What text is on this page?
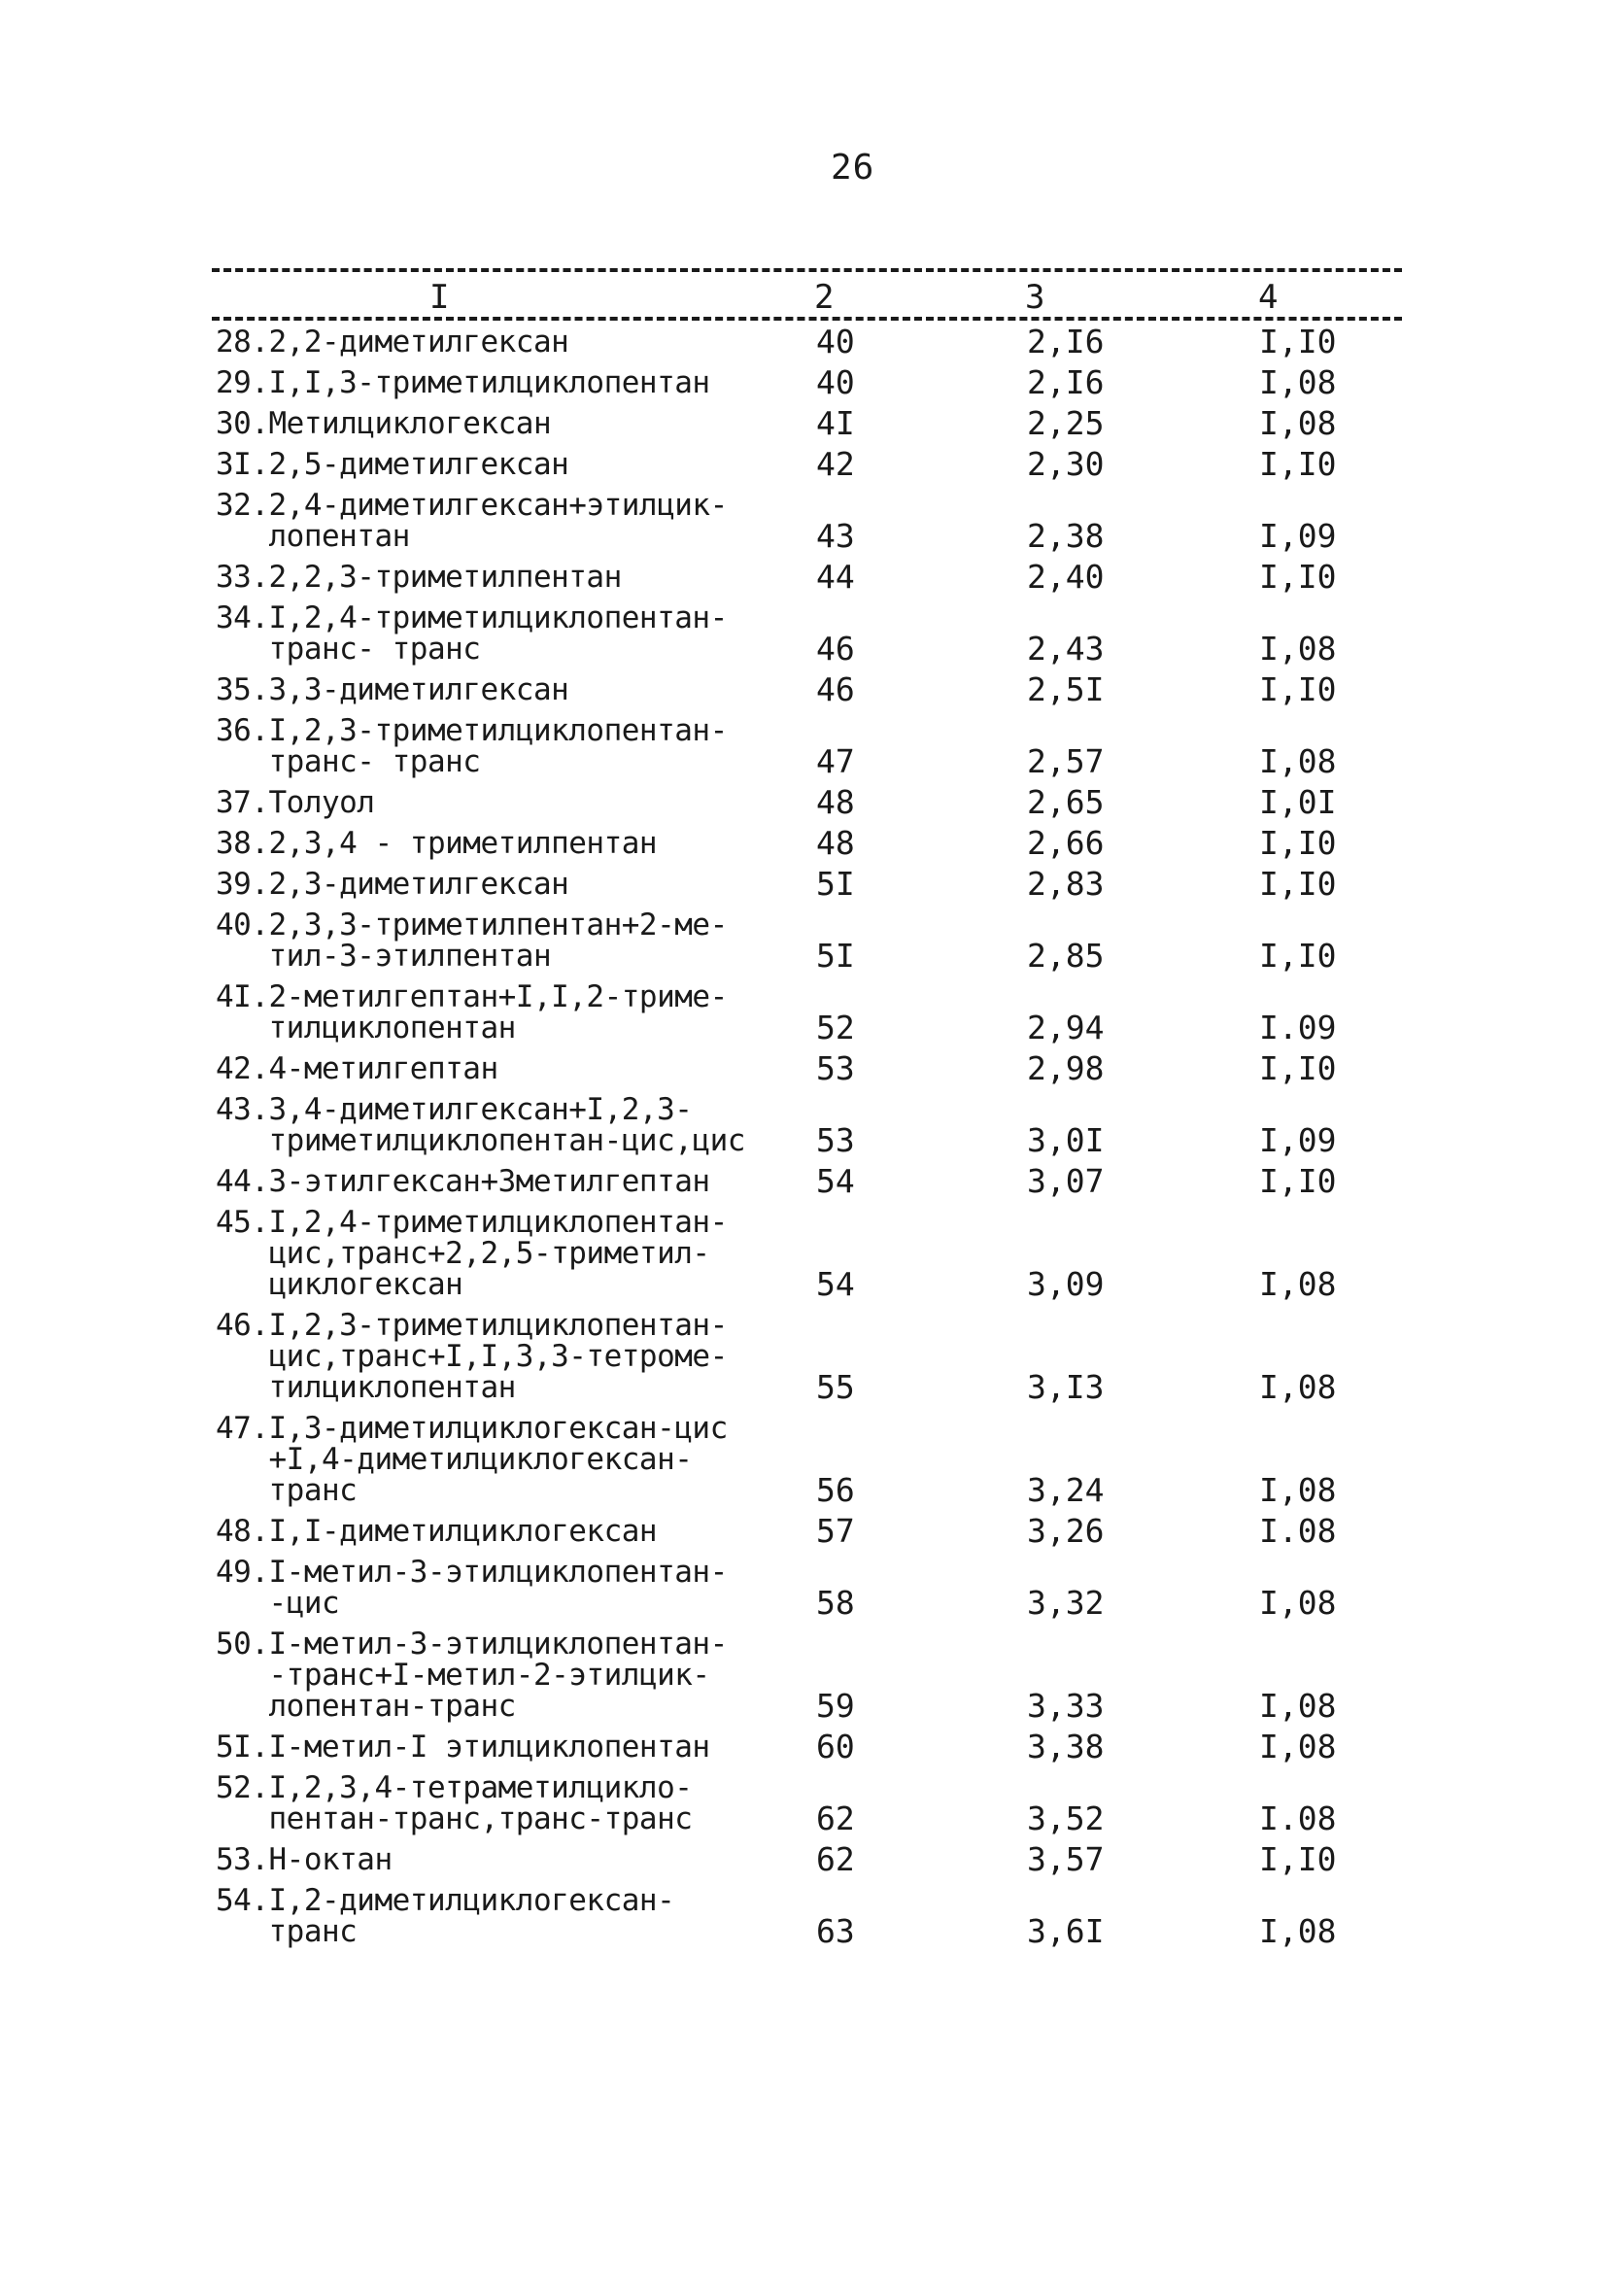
26
I	2	3	4
28.2,2-диметилгексан	40	2,I6	I,I0
29.I,I,3-триметилциклопентан	40	2,I6	I,08
30.Метилциклогексан	4I	2,25	I,08
3I.2,5-диметилгексан	42	2,30	I,I0
32.2,4-диметилгексан+этилцик-
лопентан	43	2,38	I,09
33.2,2,3-триметилпентан	44	2,40	I,I0
34.I,2,4-триметилциклопентан-
транс- транс	46	2,43	I,08
35.3,3-диметилгексан	46	2,5I	I,I0
36.I,2,3-триметилциклопентан-
транс- транс	47	2,57	I,08
37.Толуол	48	2,65	I,0I
38.2,3,4 - триметилпентан	48	2,66	I,I0
39.2,3-диметилгексан	5I	2,83	I,I0
40.2,3,3-триметилпентан+2-ме-
тил-3-этилпентан	5I	2,85	I,I0
4I.2-метилгептан+I,I,2-триме-
тилциклопентан	52	2,94	I.09
42.4-метилгептан	53	2,98	I,I0
43.3,4-диметилгексан+I,2,3-
триметилциклопентан-цис,цис	53	3,0I	I,09
44.3-этилгексан+3метилгептан	54	3,07	I,I0
45.I,2,4-триметилциклопентан-
цис,транс+2,2,5-триметил-
циклогексан	54	3,09	I,08
46.I,2,3-триметилциклопентан-
цис,транс+I,I,3,3-тетроме-
тилциклопентан	55	3,I3	I,08
47.I,3-диметилциклогексан-цис
+I,4-диметилциклогексан-
транс	56	3,24	I,08
48.I,I-диметилциклогексан	57	3,26	I.08
49.I-метил-3-этилциклопентан-
-цис	58	3,32	I,08
50.I-метил-3-этилциклопентан-
-транс+I-метил-2-этилцик-
лопентан-транс	59	3,33	I,08
5I.I-метил-I этилциклопентан	60	3,38	I,08
52.I,2,3,4-тетраметилцикло-
пентан-транс,транс-транс	62	3,52	I.08
53.Н-октан	62	3,57	I,I0
54.I,2-диметилциклогексан-
транс	63	3,6I	I,08
